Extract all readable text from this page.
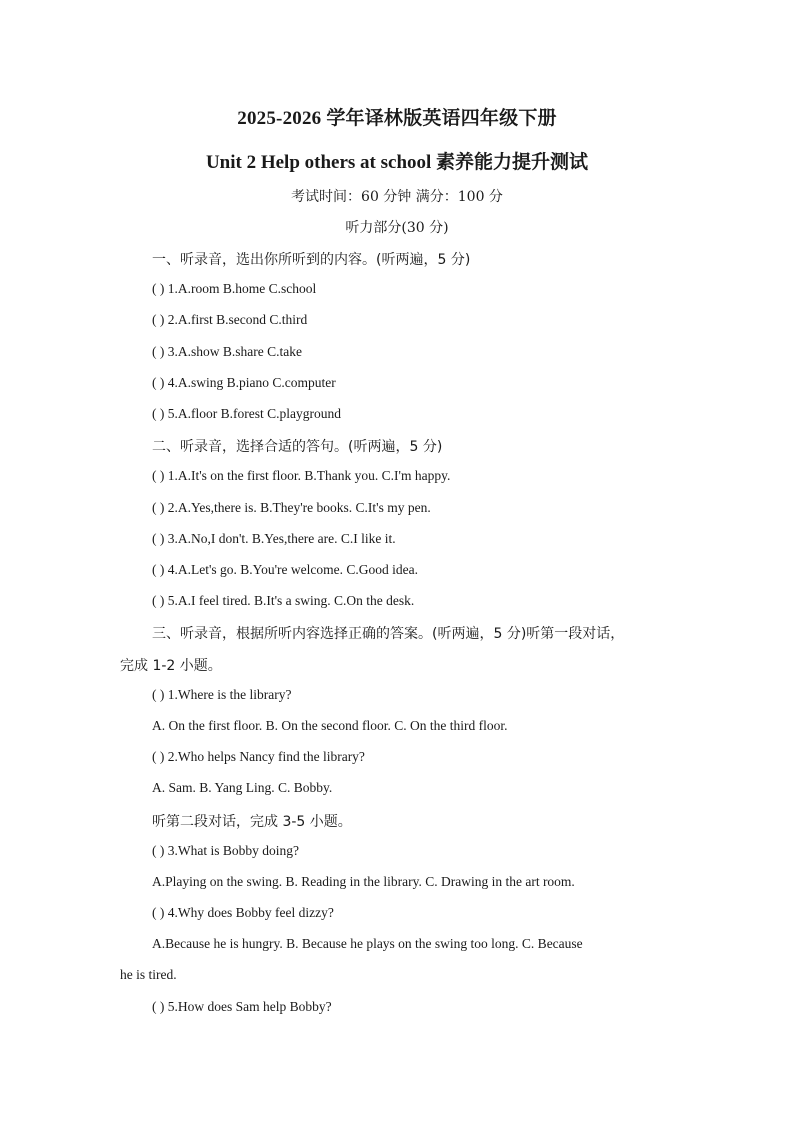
2025-2026 学年译林版英语四年级下册
Unit 2 Help others at school 素养能力提升测试
考试时间：60 分钟 满分：100 分
听力部分(30 分)
一、听录音，选出你所听到的内容。(听两遍，5 分)
( ) 1.A.room B.home C.school
( ) 2.A.first B.second C.third
( ) 3.A.show B.share C.take
( ) 4.A.swing B.piano C.computer
( ) 5.A.floor B.forest C.playground
二、听录音，选择合适的答句。(听两遍，5 分)
( ) 1.A.It's on the first floor. B.Thank you. C.I'm happy.
( ) 2.A.Yes,there is. B.They're books. C.It's my pen.
( ) 3.A.No,I don't. B.Yes,there are. C.I like it.
( ) 4.A.Let's go. B.You're welcome. C.Good idea.
( ) 5.A.I feel tired. B.It's a swing. C.On the desk.
三、听录音，根据所听内容选择正确的答案。(听两遍，5 分)听第一段对话，
完成 1-2 小题。
( ) 1.Where is the library?
A. On the first floor. B. On the second floor. C. On the third floor.
( ) 2.Who helps Nancy find the library?
A. Sam. B. Yang Ling. C. Bobby.
听第二段对话，完成 3-5 小题。
( ) 3.What is Bobby doing?
A.Playing on the swing. B. Reading in the library. C. Drawing in the art room.
( ) 4.Why does Bobby feel dizzy?
A.Because he is hungry. B. Because he plays on the swing too long. C. Because
he is tired.
( ) 5.How does Sam help Bobby?
